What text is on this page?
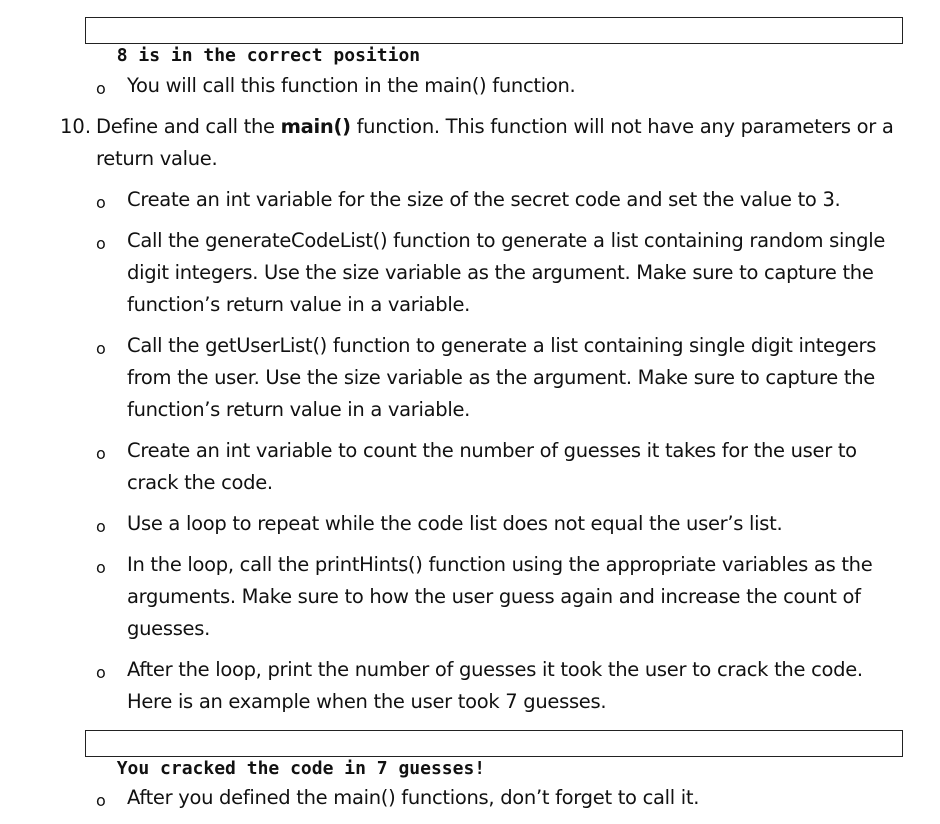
8 is in the correct position

o You will call this function in the main() function.
10. Define and call the main() function. This function will not have any parameters or a
return value.
o Create an int variable for the size of the secret code and set the value to 3.
o Call the generateCodeList() function to generate a list containing random single
digit integers. Use the size variable as the argument. Make sure to capture the
function’s return value in a variable.
o Call the getUserList() function to generate a list containing single digit integers
from the user. Use the size variable as the argument. Make sure to capture the
function’s return value in a variable.
o Create an int variable to count the number of guesses it takes for the user to
crack the code.
o Use a loop to repeat while the code list does not equal the user’s list.
o In the loop, call the printHints() function using the appropriate variables as the
arguments. Make sure to how the user guess again and increase the count of
guesses.
o After the loop, print the number of guesses it took the user to crack the code.
Here is an example when the user took 7 guesses.

You cracked the code in 7 guesses!

o After you defined the main() functions, don’t forget to call it.
